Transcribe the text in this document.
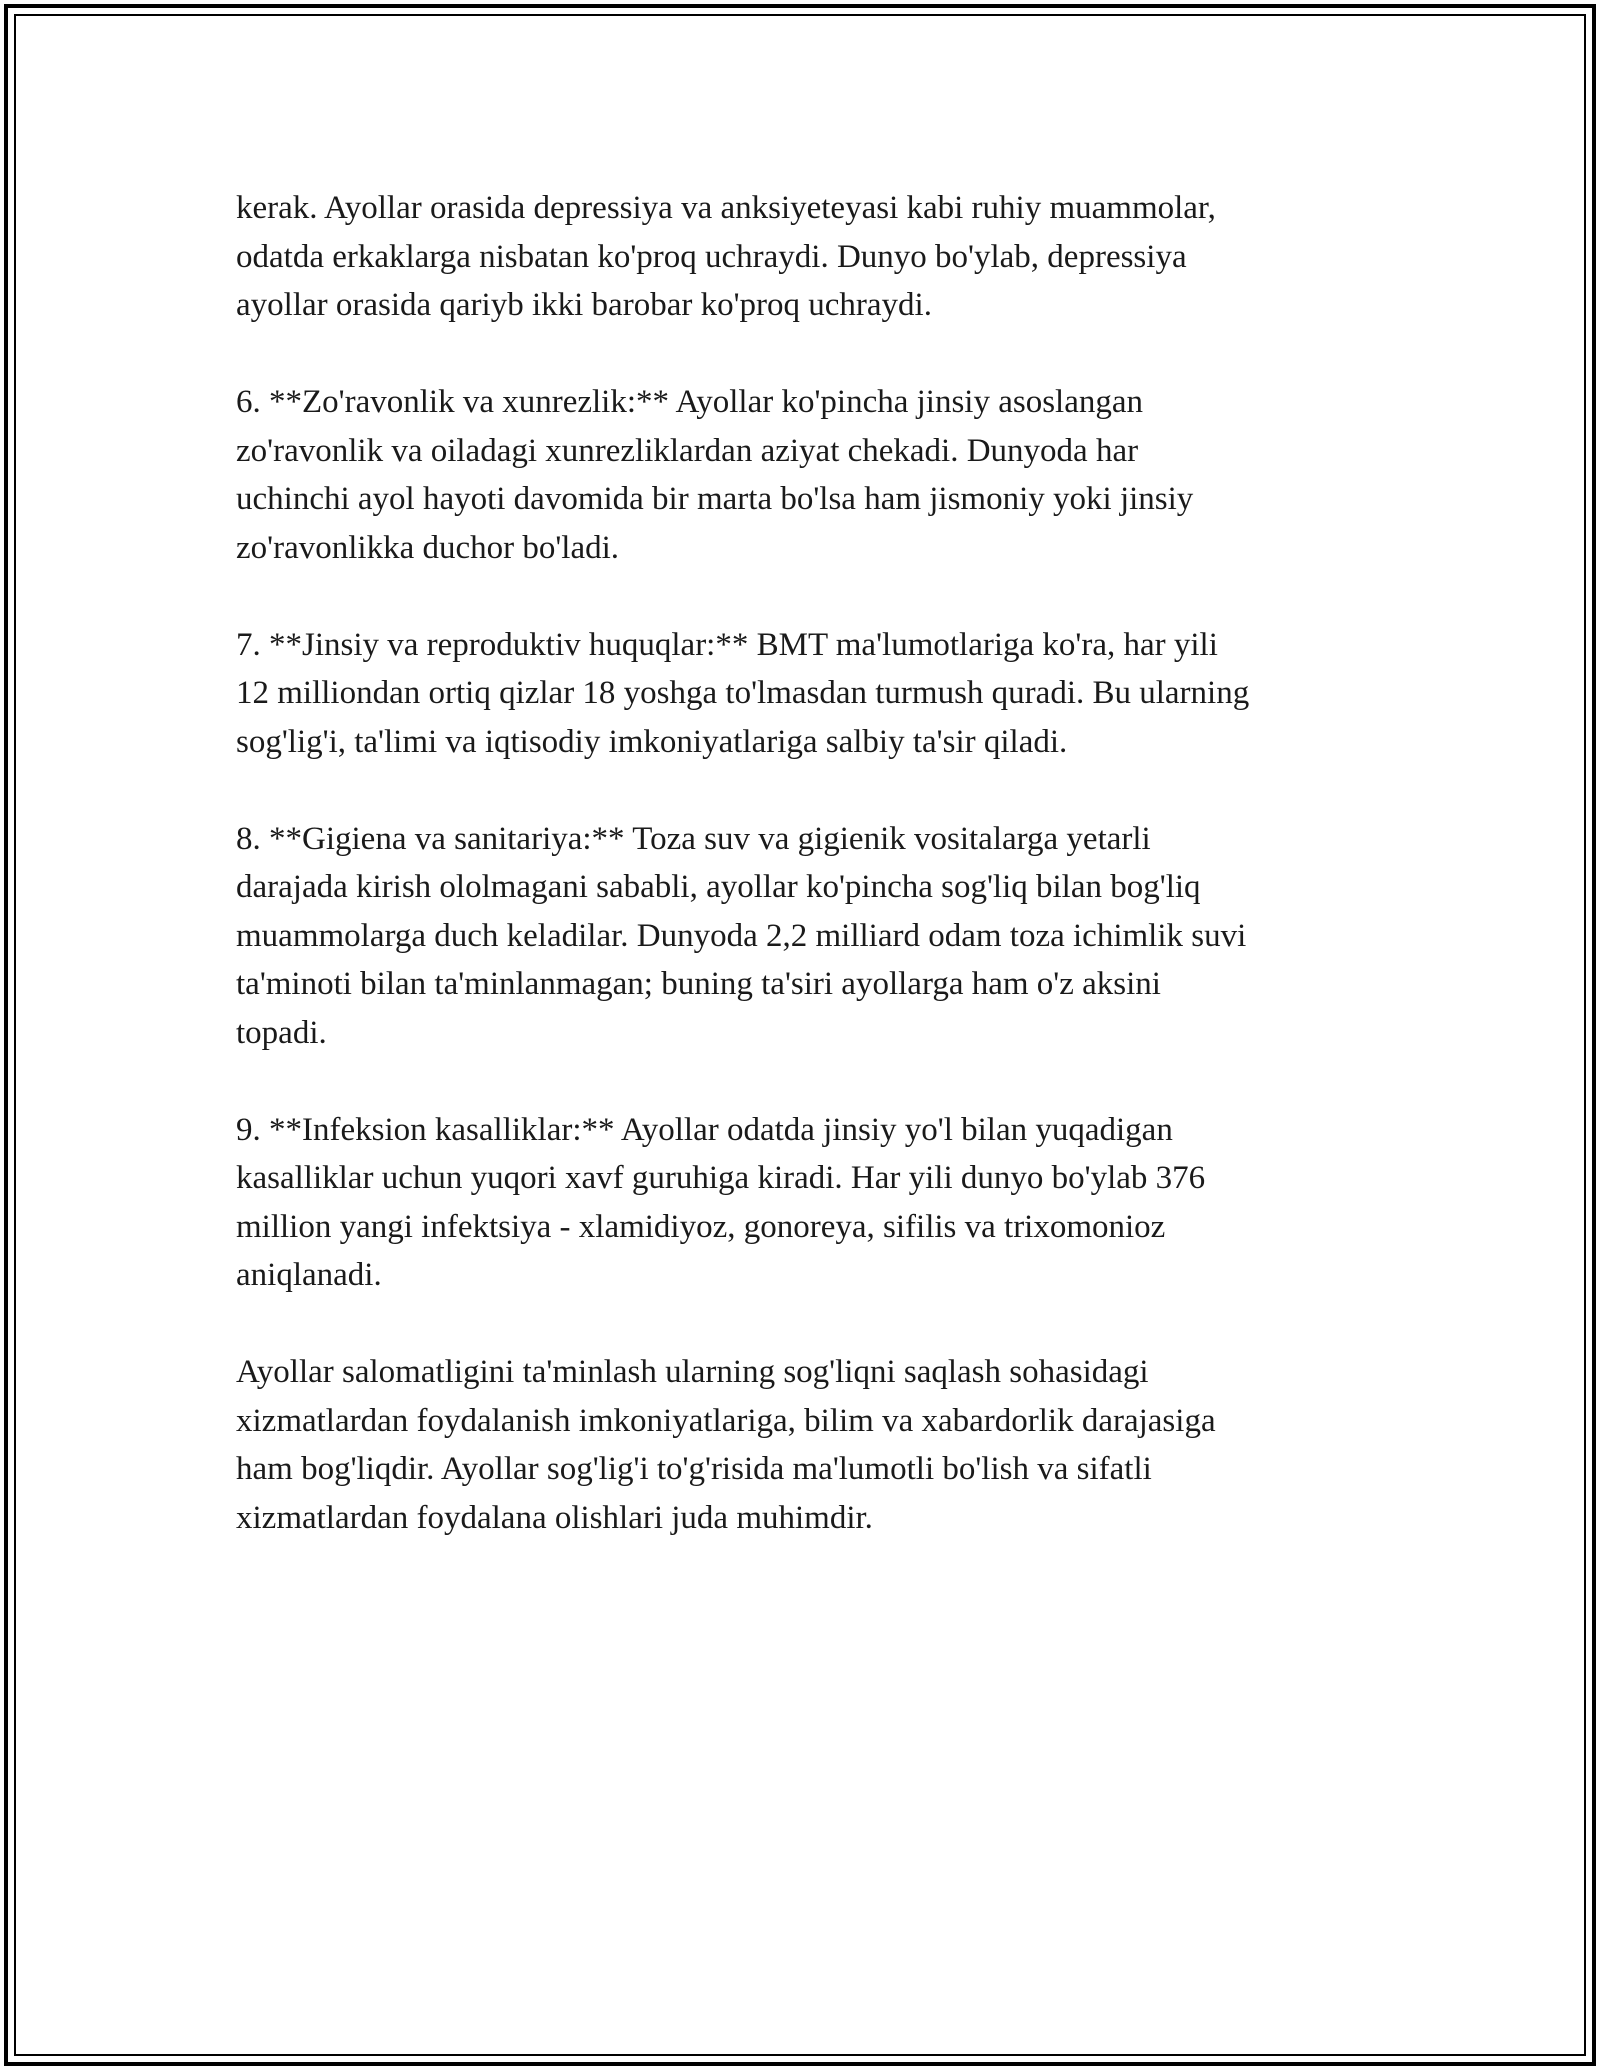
kerak. Ayollar orasida depressiya va anksiyeteyasi kabi ruhiy muammolar,
odatda erkaklarga nisbatan ko'proq uchraydi. Dunyo bo'ylab, depressiya
ayollar orasida qariyb ikki barobar ko'proq uchraydi.

6. **Zo'ravonlik va xunrezlik:** Ayollar ko'pincha jinsiy asoslangan
zo'ravonlik va oiladagi xunrezliklardan aziyat chekadi. Dunyoda har
uchinchi ayol hayoti davomida bir marta bo'lsa ham jismoniy yoki jinsiy
zo'ravonlikka duchor bo'ladi.

7. **Jinsiy va reproduktiv huquqlar:** BMT ma'lumotlariga ko'ra, har yili
12 milliondan ortiq qizlar 18 yoshga to'lmasdan turmush quradi. Bu ularning
sog'lig'i, ta'limi va iqtisodiy imkoniyatlariga salbiy ta'sir qiladi.

8. **Gigiena va sanitariya:** Toza suv va gigienik vositalarga yetarli
darajada kirish ololmagani sababli, ayollar ko'pincha sog'liq bilan bog'liq
muammolarga duch keladilar. Dunyoda 2,2 milliard odam toza ichimlik suvi
ta'minoti bilan ta'minlanmagan; buning ta'siri ayollarga ham o'z aksini
topadi.

9. **Infeksion kasalliklar:** Ayollar odatda jinsiy yo'l bilan yuqadigan
kasalliklar uchun yuqori xavf guruhiga kiradi. Har yili dunyo bo'ylab 376
million yangi infektsiya - xlamidiyoz, gonoreya, sifilis va trixomonioz
aniqlanadi.

Ayollar salomatligini ta'minlash ularning sog'liqni saqlash sohasidagi
xizmatlardan foydalanish imkoniyatlariga, bilim va xabardorlik darajasiga
ham bog'liqdir. Ayollar sog'lig'i to'g'risida ma'lumotli bo'lish va sifatli
xizmatlardan foydalana olishlari juda muhimdir.
